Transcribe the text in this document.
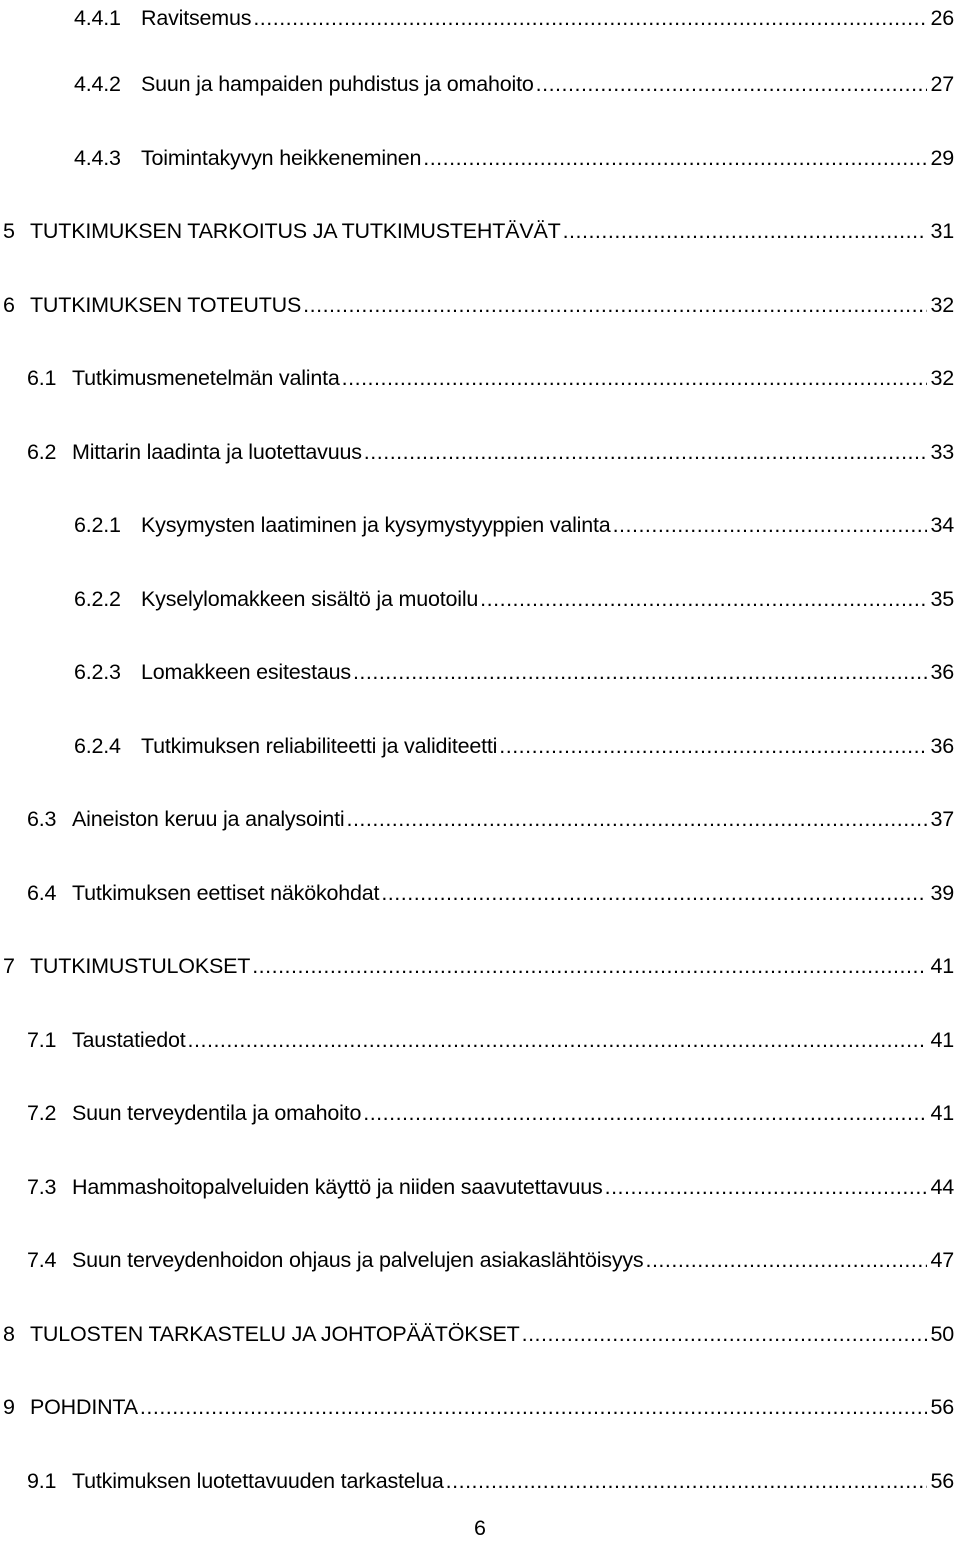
4.4.1 Ravitsemus .....	26
4.4.2 Suun ja hampaiden puhdistus ja omahoito .....	27
4.4.3 Toimintakyvyn heikkeneminen .....	29
5 TUTKIMUKSEN TARKOITUS JA TUTKIMUSTEHTÄVÄT .....	31
6 TUTKIMUKSEN TOTEUTUS .....	32
6.1 Tutkimusmenetelmän valinta .....	32
6.2 Mittarin laadinta ja luotettavuus .....	33
6.2.1 Kysymysten laatiminen ja kysymystyyppien valinta .....	34
6.2.2 Kyselylomakkeen sisältö ja muotoilu .....	35
6.2.3 Lomakkeen esitestaus .....	36
6.2.4 Tutkimuksen reliabiliteetti ja validiteetti .....	36
6.3 Aineiston keruu ja analysointi .....	37
6.4 Tutkimuksen eettiset näkökohdat .....	39
7 TUTKIMUSTULOKSET .....	41
7.1 Taustatiedot .....	41
7.2 Suun terveydentila ja omahoito .....	41
7.3 Hammashoitopalveluiden käyttö ja niiden saavutettavuus .....	44
7.4 Suun terveydenhoidon ohjaus ja palvelujen asiakaslähtöisyys .....	47
8 TULOSTEN TARKASTELU JA JOHTOPÄÄTÖKSET .....	50
9 POHDINTA .....	56
9.1 Tutkimuksen luotettavuuden tarkastelua .....	56
6
